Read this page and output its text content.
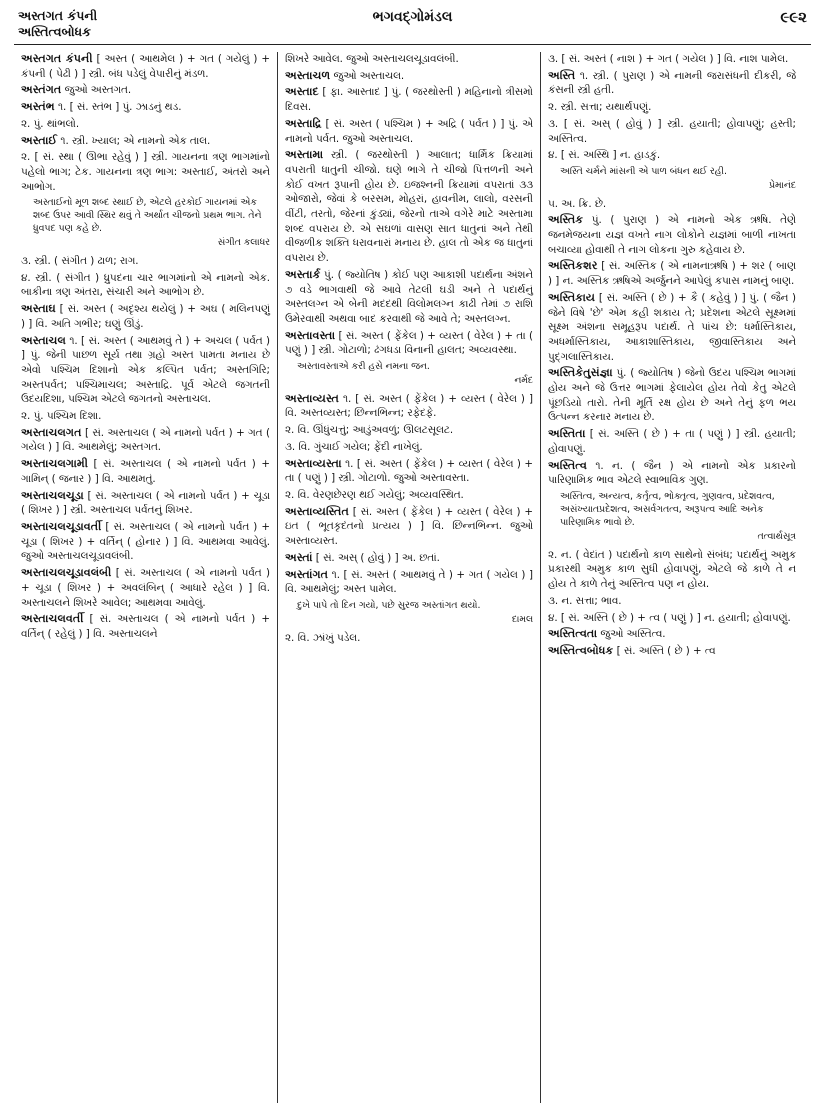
અસ્તગત કંપની
અસ્તિત્વબોધક
ભગવદ્ગોમંડલ	૯૯૨
અસ્તગત કંપની [ અસ્ત ( આથમેલ ) + ગત ( ગયેલું ) + કંપની ( પેઢી ) ] સ્ત્રી. બંધ પડેલું વેપારીનું મંડળ.
અસ્તંગત જુઓ અસ્તગત.
અસ્તંભ ૧. [ સં. સ્તંભ ] પું. ઝાડનું થડ.
૨. પું. થાંભલો.
અસ્તાઈ ૧. સ્ત્રી. ખ્યાલ; એ નામનો એક તાલ.
૨. [ સં. સ્થા ( ઊભા રહેવું ) ] સ્ત્રી. ગાયનના ત્રણ ભાગમાંનો પહેલો ભાગ; ટેક. ગાયનના ત્રણ ભાગ: અસ્તાઈ, અંતરો અને આભોગ.
અસ્તાઈનો મૂળ શબ્દ સ્થાઈ છે, એટલે હરકોઈ ગાયનમાં એક શબ્દ ઉપર આવી સ્થિર થવું તે અર્થાત ચીજનો પ્રથમ ભાગ. તેને ધ્રુવપદ પણ કહે છે.
સંગીત કલાધર
૩. સ્ત્રી. ( સંગીત ) ઢાળ; રાગ.
૪. સ્ત્રી. ( સંગીત ) ધ્રુપદના ચાર ભાગમાંનો એ નામનો એક. બાકીના ત્રણ અંતરા, સંચારી અને આભોગ છે.
અસ્તાઘ [ સં. અસ્ત ( અદૃશ્ય થયેલું ) + અઘ ( મલિનપણું ) ] વિ. અતિ ગભીર; ઘણું ઊંડું.
અસ્તાચલ ૧. [ સં. અસ્ત ( આથમવું તે ) + અચલ ( પર્વત ) ] પું. જેની પાછળ સૂર્ય તથા ગ્રહો અસ્ત પામતા મનાય છે એવો પશ્ચિમ દિશાનો એક કલ્પિત પર્વત; અસ્તગિરિ; અસ્તપર્વત; પશ્ચિમાચલ; અસ્તાદ્રિ. પૂર્વ એટલે જગતની ઉદયદિશા, પશ્ચિમ એટલે જગતનો અસ્તાચલ.
૨. પું. પશ્ચિમ દિશા.
અસ્તાચલગત [ સં. અસ્તાચલ ( એ નામનો પર્વત ) + ગત ( ગયેલ ) ] વિ. આથમેલું; અસ્તગત.
અસ્તાચલગામી [ સં. અસ્તાચલ ( એ નામનો પર્વત ) + ગામિન્ ( જનાર ) ] વિ. આથમતું.
અસ્તાચલચૂડા [ સં. અસ્તાચલ ( એ નામનો પર્વત ) + ચૂડા ( શિખર ) ] સ્ત્રી. અસ્તાચલ પર્વતનું શિખર.
અસ્તાચલચૂડાવર્તી [ સં. અસ્તાચલ ( એ નામનો પર્વત ) + ચૂડા ( શિખર ) + વર્તિન્ ( હોનાર ) ] વિ. આથમવા આવેલું. જુઓ અસ્તાચલચૂડાવલંબી.
અસ્તાચલચૂડાવલંબી [ સં. અસ્તાચલ ( એ નામનો પર્વત ) + ચૂડા ( શિખર ) + અવલંબિન્ ( આધારે રહેલ ) ] વિ. અસ્તાચલને શિખરે આવેલ; આથમવા આવેલું.
અસ્તાચલવર્તી [ સં. અસ્તાચલ ( એ નામનો પર્વત ) + વર્તિન્ ( રહેલું ) ] વિ. અસ્તાચલને
શિખરે આવેલ. જુઓ અસ્તાચલચૂડાવલંબી.
અસ્તાચળ જુઓ અસ્તાચલ.
અસ્તાદ [ ફા. આસ્તાદ ] પું. ( જરથોસ્તી ) મહિનાનો ત્રીસમો દિવસ.
અસ્તાદ્રિ [ સં. અસ્ત ( પશ્ચિમ ) + અદ્રિ ( પર્વત ) ] પું. એ નામનો પર્વત. જુઓ અસ્તાચલ.
અસ્તામા સ્ત્રી. ( જરથોસ્તી ) આલાત; ધાર્મિક ક્રિયામાં વપરાતી ધાતુની ચીજો. ઘણે ભાગે તે ચીજો પિત્તળની અને કોઈ વખત રૂપાની હોય છે. ઇજશ્નની ક્રિયામાં વપરાતાં ૩૩ ઓજારો, જેવાં કે બરસમ, મોહરાં, હાવનીમ, લાલો, વરસની વીંટી, તરતો, જેરનાં કુંડ્યાં, જેરનો તાએ વગેરે માટે અસ્તામા શબ્દ વપરાય છે. એ સઘળાં વાસણ સાત ધાતુનાં અને તેથી વીજળીક શક્તિ ધરાવનારાં મનાય છે. હાલ તો એક જ ધાતુનાં વપરાય છે.
અસ્તાર્ક પું. ( જ્યોતિષ ) કોઈ પણ આકાશી પદાર્થના અંશને ૭ વડે ભાગવાથી જે આવે તેટલી ઘડી અને તે પદાર્થનું અસ્તલગ્ન એ બેની મદદથી વિલોમલગ્ન કાઢી તેમાં ૭ રાશિ ઉમેરવાથી અથવા બાદ કરવાથી જે આવે તે; અસ્તલગ્ન.
અસ્તાવસ્તા [ સં. અસ્ત ( ફેંકેલ ) + વ્યસ્ત ( વેરેલ ) + તા ( પણું ) ] સ્ત્રી. ગોટાળો; ઢંગધડા વિનાની હાલત; અવ્યવસ્થા.
અસ્તાવસ્તાએ કરી હસે નમના જન.
નર્મદ
અસ્તાવ્યસ્ત ૧. [ સં. અસ્ત ( ફેંકેલ ) + વ્યસ્ત ( વેરેલ ) ] વિ. અસ્તવ્યસ્ત; છિન્નભિન્ન; રફેદફે.
૨. વિ. ઊંધુંચત્તું; આડુંઅવળું; ઊલટસૂલટ.
૩. વિ. ગુંચાઈ ગયેલ; ફેંદી નાખેલું.
અસ્તાવ્યસ્તા ૧. [ સં. અસ્ત ( ફેંકેલ ) + વ્યસ્ત ( વેરેલ ) + તા ( પણું ) ] સ્ત્રી. ગોટાળો. જુઓ અસ્તાવસ્તા.
૨. વિ. વેરણછેરણ થઈ ગયેલું; અવ્યવસ્થિત.
અસ્તાવ્યસ્તિત [ સં. અસ્ત ( ફેંકેલ ) + વ્યસ્ત ( વેરેલ ) + ઇત ( ભૂતકૃદંતનો પ્રત્યય ) ] વિ. છિન્નભિન્ન. જુઓ અસ્તાવ્યસ્ત.
અસ્તાં [ સં. અસ્ ( હોવું ) ] અ. છતાં.
અસ્તાંગત ૧. [ સં. અસ્તં ( આથમવું તે ) + ગત ( ગયેલ ) ] વિ. આથમેલું; અસ્ત પામેલ.
દુખે પાપે તો દિન ગયો, પછે સુરજ અસ્તાંગત થયો.
દામલ
૨. વિ. ઝાંખું પડેલ.
૩. [ સં. અસ્તં ( નાશ ) + ગત ( ગયેલ ) ] વિ. નાશ પામેલ.
અસ્તિ ૧. સ્ત્રી. ( પુરાણ ) એ નામની જરાસંધની દીકરી, જે કંસની સ્ત્રી હતી.
૨. સ્ત્રી. સત્તા; યથાર્થપણું.
૩. [ સં. અસ્ ( હોવું ) ] સ્ત્રી. હયાતી; હોવાપણું; હસ્તી; અસ્તિત્વ.
૪. [ સં. અસ્થિ ] ન. હાડકું.
અસ્તિ ચર્મને માંસની એ પાળ બંધન થઈ રહી.
પ્રેમાનંદ
૫. અ. ક્રિ. છે.
અસ્તિક પું. ( પુરાણ ) એ નામનો એક ઋષિ. તેણે જનમેજયના યજ્ઞ વખતે નાગ લોકોને યજ્ઞમાં બાળી નાખતા બચાવ્યા હોવાથી તે નાગ લોકના ગુરુ કહેવાય છે.
અસ્તિકશર [ સં. અસ્તિક ( એ નામનાઋષિ ) + શર ( બાણ ) ] ન. અસ્તિક ઋષિએ અર્જુનને આપેલું કપાસ નામનું બાણ.
અસ્તિકાય [ સં. અસ્તિ ( છે ) + કૈ ( કહેવું ) ] પું. ( જૈન ) જેને વિષે 'છે' એમ કહી શકાય તે; પ્રદેશના એટલે સૂક્ષ્મમાં સૂક્ષ્મ અંશના સમૂહરૂપ પદાર્થ. તે પાંચ છે: ધર્માસ્તિકાય, અધર્માસ્તિકાય, આકાશાસ્તિકાય, જીવાસ્તિકાય અને પુદ્ગલાસ્તિકાય.
અસ્તિકેતુસંજ્ઞા પું. ( જ્યોતિષ ) જેનો ઉદય પશ્ચિમ ભાગમાં હોય અને જે ઉત્તર ભાગમાં ફેલાયેલ હોય તેવો કેતુ એટલે પૂંછડિયો તારો. તેની મૂર્તિ રક્ષ હોય છે અને તેનું ફળ ભય ઉત્પન્ન કરનાર મનાય છે.
અસ્તિતા [ સં. અસ્તિ ( છે ) + તા ( પણું ) ] સ્ત્રી. હયાતી; હોવાપણું.
અસ્તિત્વ ૧. ન. ( જૈન ) એ નામનો એક પ્રકારનો પારિણામિક ભાવ એટલે સ્વાભાવિક ગુણ.
અસ્તિત્વ, અન્યત્વ, કર્તૃત્વ, ભોક્તૃત્વ, ગુણવત્વ, પ્રદેશવત્વ, અસંખ્યાતપ્રદેશત્વ, અસર્વગતત્વ, અરૂપત્વ આદિ અનેક પારિણામિક ભાવો છે.
તત્વાર્થસૂત્ર
૨. ન. ( વેદાંત ) પદાર્થનો કાળ સાથેનો સંબંધ; પદાર્થનું અમુક પ્રકારથી અમુક કાળ સુધી હોવાપણું, એટલે જે કાળે તે ન હોય તે કાળે તેનું અસ્તિત્વ પણ ન હોય.
૩. ન. સત્તા; ભાવ.
૪. [ સં. અસ્તિ ( છે ) + ત્વ ( પણું ) ] ન. હયાતી; હોવાપણું.
અસ્તિત્વતા જુઓ અસ્તિત્વ.
અસ્તિત્વબોધક [ સં. અસ્તિ ( છે ) + ત્વ
